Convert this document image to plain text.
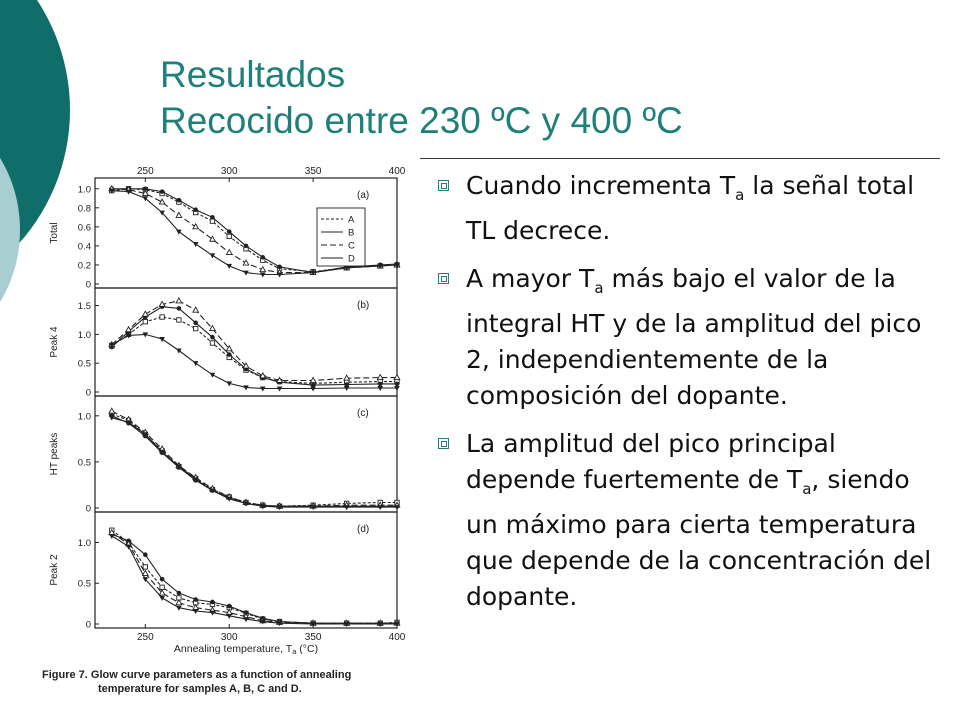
Resultados
Recocido entre 230 ºC y 400 ºC
1.0
0.8
0.6
0.4
0.2
0
Total
(a)
250	300	350	400
A
B
C
D
1.5
1.0
0.5
0
Peak 4
(b)
1.0
0.5
0
HT peaks
(c)
1.0
0.5
0
Peak 2
(d)
250	300	350	400
Annealing temperature, Ta (°C)
Figure 7. Glow curve parameters as a function of annealing
temperature for samples A, B, C and D.
Cuando incrementa $T_a$ la señal total TL decrece.
A mayor $T_a$ más bajo el valor de la integral HT y de la amplitud del pico 2, independientemente de la composición del dopante.
La amplitud del pico principal depende fuertemente de $T_a$, siendo un máximo para cierta temperatura que depende de la concentración del dopante.
